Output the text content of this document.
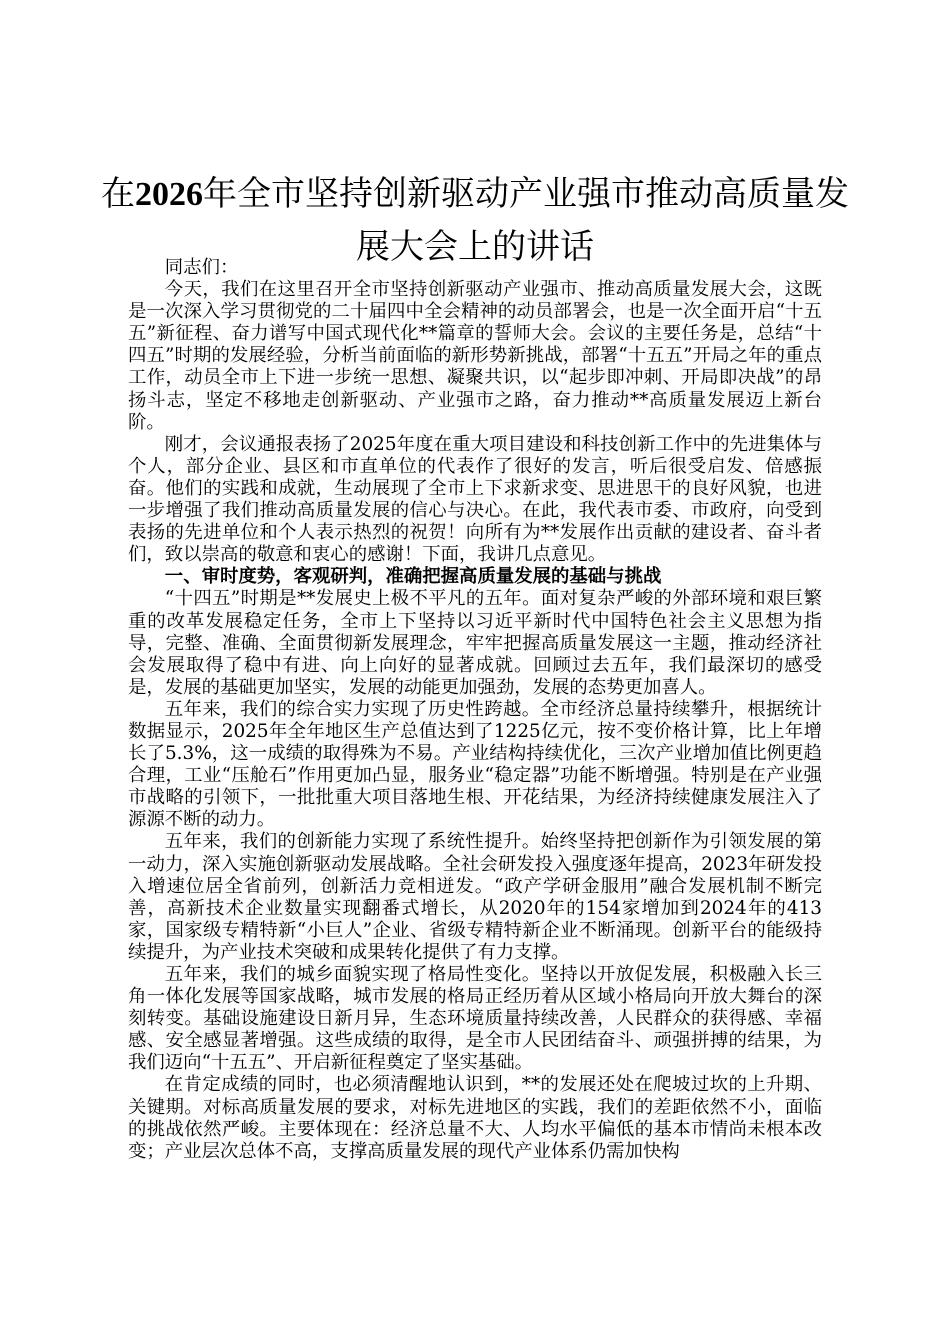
在2026年全市坚持创新驱动产业强市推动高质量发展大会上的讲话

同志们：

今天，我们在这里召开全市坚持创新驱动产业强市、推动高质量发展大会，这既是一次深入学习贯彻党的二十届四中全会精神的动员部署会，也是一次全面开启“十五五”新征程、奋力谱写中国式现代化**篇章的誓师大会。会议的主要任务是，总结“十四五”时期的发展经验，分析当前面临的新形势新挑战，部署“十五五”开局之年的重点工作，动员全市上下进一步统一思想、凝聚共识，以“起步即冲刺、开局即决战”的昂扬斗志，坚定不移地走创新驱动、产业强市之路，奋力推动**高质量发展迈上新台阶。

刚才，会议通报表扬了2025年度在重大项目建设和科技创新工作中的先进集体与个人，部分企业、县区和市直单位的代表作了很好的发言，听后很受启发、倍感振奋。他们的实践和成就，生动展现了全市上下求新求变、思进思干的良好风貌，也进一步增强了我们推动高质量发展的信心与决心。在此，我代表市委、市政府，向受到表扬的先进单位和个人表示热烈的祝贺！向所有为**发展作出贡献的建设者、奋斗者们，致以崇高的敬意和衷心的感谢！下面，我讲几点意见。

一、审时度势，客观研判，准确把握高质量发展的基础与挑战

“十四五”时期是**发展史上极不平凡的五年。面对复杂严峻的外部环境和艰巨繁重的改革发展稳定任务，全市上下坚持以习近平新时代中国特色社会主义思想为指导，完整、准确、全面贯彻新发展理念，牢牢把握高质量发展这一主题，推动经济社会发展取得了稳中有进、向上向好的显著成就。回顾过去五年，我们最深切的感受是，发展的基础更加坚实，发展的动能更加强劲，发展的态势更加喜人。

五年来，我们的综合实力实现了历史性跨越。全市经济总量持续攀升，根据统计数据显示，2025年全年地区生产总值达到了1225亿元，按不变价格计算，比上年增长了5.3%，这一成绩的取得殊为不易。产业结构持续优化，三次产业增加值比例更趋合理，工业“压舱石”作用更加凸显，服务业“稳定器”功能不断增强。特别是在产业强市战略的引领下，一批批重大项目落地生根、开花结果，为经济持续健康发展注入了源源不断的动力。

五年来，我们的创新能力实现了系统性提升。始终坚持把创新作为引领发展的第一动力，深入实施创新驱动发展战略。全社会研发投入强度逐年提高，2023年研发投入增速位居全省前列，创新活力竞相迸发。“政产学研金服用”融合发展机制不断完善，高新技术企业数量实现翻番式增长，从2020年的154家增加到2024年的413家，国家级专精特新“小巨人”企业、省级专精特新企业不断涌现。创新平台的能级持续提升，为产业技术突破和成果转化提供了有力支撑。

五年来，我们的城乡面貌实现了格局性变化。坚持以开放促发展，积极融入长三角一体化发展等国家战略，城市发展的格局正经历着从区域小格局向开放大舞台的深刻转变。基础设施建设日新月异，生态环境质量持续改善，人民群众的获得感、幸福感、安全感显著增强。这些成绩的取得，是全市人民团结奋斗、顽强拼搏的结果，为我们迈向“十五五”、开启新征程奠定了坚实基础。

在肯定成绩的同时，也必须清醒地认识到，**的发展还处在爬坡过坎的上升期、关键期。对标高质量发展的要求，对标先进地区的实践，我们的差距依然不小，面临的挑战依然严峻。主要体现在：经济总量不大、人均水平偏低的基本市情尚未根本改变；产业层次总体不高，支撑高质量发展的现代产业体系仍需加快构
